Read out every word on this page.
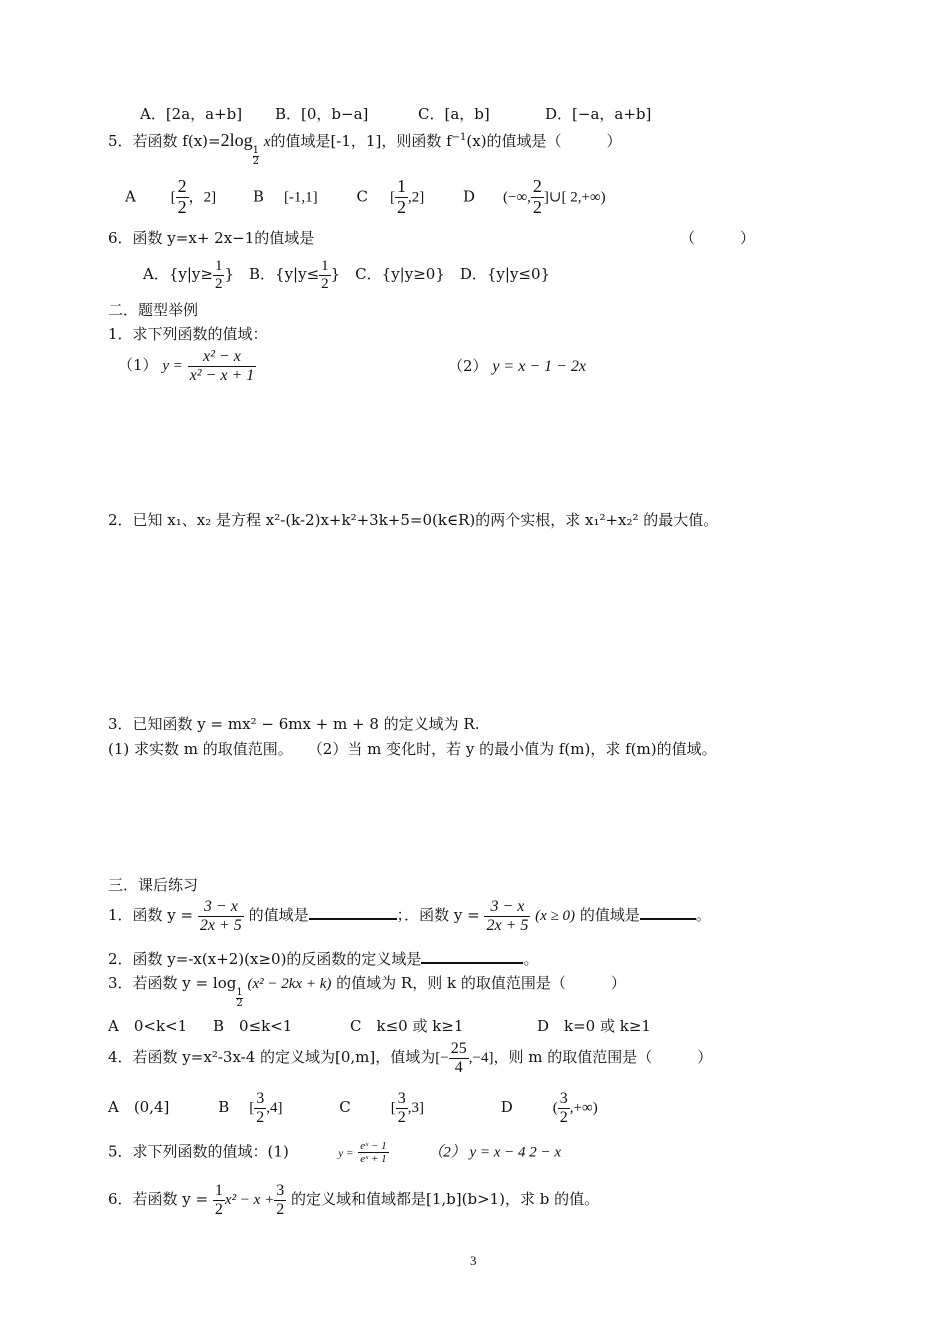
A．[2a，a+b] B．[0，b−a]	C．[a，b]	D．[−a，a+b]
5．若函数 f(x)=2log
$\frac{1}{2}$
x的值域是[-1，1]，则函数 $f^{-1}(x)$的值域是（　　　）
A [ $\frac{2}{2}$ ，2] B [-1,1]	C [ $\frac{1}{2} ,2$]	D (−∞, $\frac{2}{2}$ ]∪[ 2,+∞)
6．函数 y=x+ 2x−1的值域是	（　　　）
A．{$y|y\ge \frac{1}{2}$ }　B．{$y|y\le \frac{1}{2}$ }　C．{y|y≥0}　D．{y|y≤0}
二．题型举例
1．求下列函数的值域：
（1） $y = \frac{\text{x² − x}}{\text{x² − x + 1}}$	（2） y = x − 1 − 2x
2．已知 x₁、x₂ 是方程 x²-(k-2)x+k²+3k+5=0(k∈R)的两个实根，求 x₁²+x₂² 的最大值。
3．已知函数 y = mx² − 6mx + m + 8 的定义域为 R.
(1) 求实数 m 的取值范围。　　（2）当 m 变化时，若 y 的最小值为 f(m)，求 f(m)的值域。
三．课后练习
1．函数 $y = \frac{3 - x}{2x + 5}$ 的值域是	；．函数 $y = \frac{3 - x}{2x + 5} (x \ge 0)$ 的值域是	。
2．函数 y=-x(x+2)(x≥0)的反函数的定义域是	。
3．若函数 y = log
$\frac{1}{2}$
(x² − 2kx + k) 的值域为 R，则 k 的取值范围是（　　　）
A　0<k<1 B　0≤k<1	C　k≤0 或 k≥1	D　k=0 或 k≥1
4．若函数 y=x²-3x-4 的定义域为[0,m]，值域为[− $\frac{25}{4} ,-4$]，则 m 的取值范围是（　　　）
A　(0,4]	B [ $\frac{3}{2} ,4$]	C	[ $\frac{3}{2} ,3$]	D	( $\frac{3}{2}$ ,+∞)
5．求下列函数的值域：(1)	$y = \frac{\text{eˣ − 1}}{\text{eˣ + 1}}$	（2） y = x − 4 2 − x
6．若函数 $y = \frac{1}{2} x^2 - x + \frac{3}{2}$ 的定义域和值域都是[1,b](b>1)，求 b 的值。
3
